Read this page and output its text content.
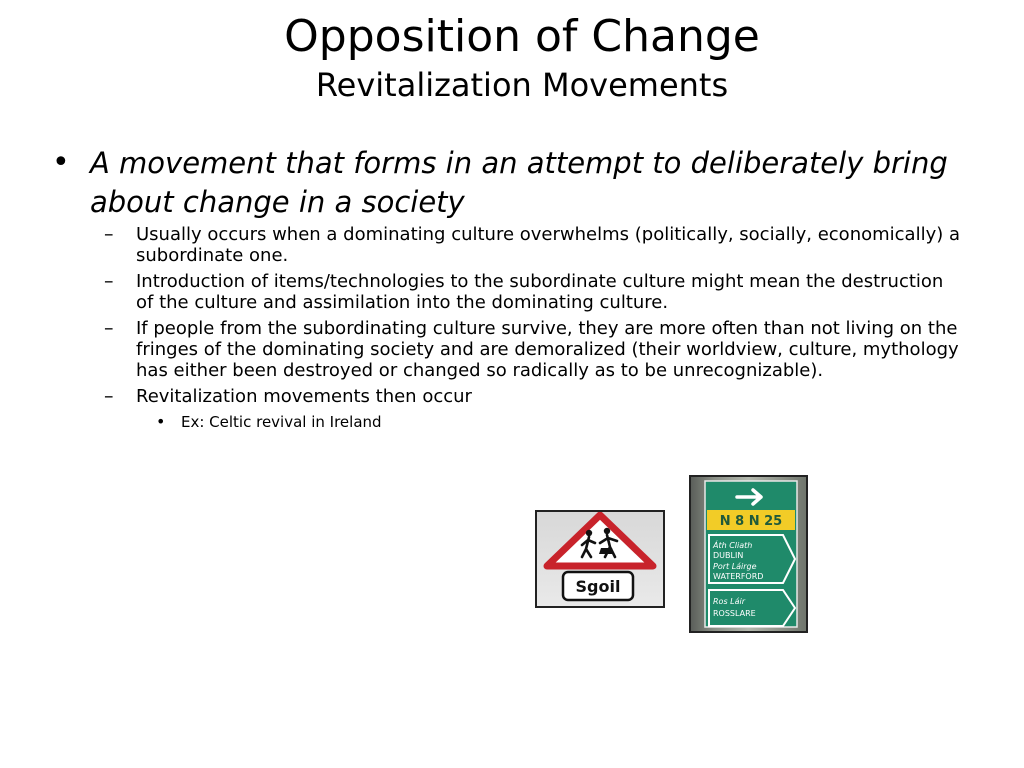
Opposition of Change
Revitalization Movements
• A movement that forms in an attempt to deliberately bring about change in a society
–	Usually occurs when a dominating culture overwhelms (politically, socially, economically) a subordinate one.
–	Introduction of items/technologies to the subordinate culture might mean the destruction of the culture and assimilation into the dominating culture.
–	If people from the subordinating culture survive, they are more often than not living on the fringes of the dominating society and are demoralized (their worldview, culture, mythology has either been destroyed or changed so radically as to be unrecognizable).
–	Revitalization movements then occur
•	Ex: Celtic revival in Ireland
Sgoil
N 8 N 25
Áth Cliath
DUBLIN
Port Láirge
WATERFORD
Ros Láir
ROSSLARE
